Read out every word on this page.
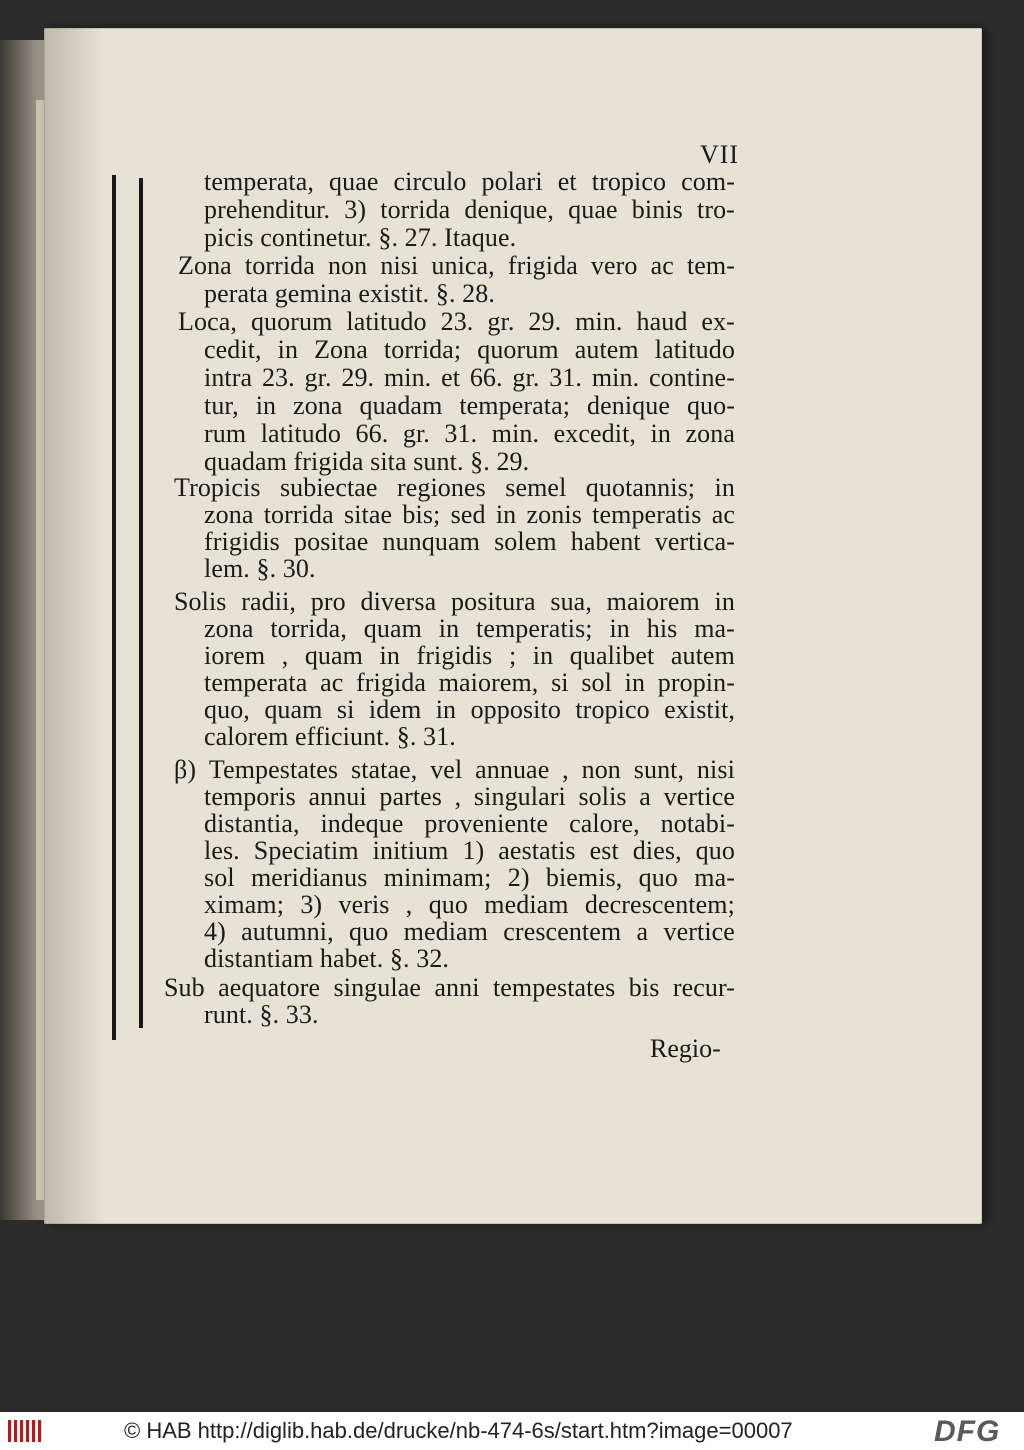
VII
temperata, quae circulo polari et tropico com-
prehenditur. 3) torrida denique, quae binis tro-
picis continetur. §. 27. Itaque.
Zona torrida non nisi unica, frigida vero ac tem-
perata gemina existit. §. 28.
Loca, quorum latitudo 23. gr. 29. min. haud ex-
cedit, in Zona torrida; quorum autem latitudo
intra 23. gr. 29. min. et 66. gr. 31. min. contine-
tur, in zona quadam temperata; denique quo-
rum latitudo 66. gr. 31. min. excedit, in zona
quadam frigida sita sunt. §. 29.
Tropicis subiectae regiones semel quotannis; in
zona torrida sitae bis; sed in zonis temperatis ac
frigidis positae nunquam solem habent vertica-
lem. §. 30.
Solis radii, pro diversa positura sua, maiorem in
zona torrida, quam in temperatis; in his ma-
iorem , quam in frigidis ; in qualibet autem
temperata ac frigida maiorem, si sol in propin-
quo, quam si idem in opposito tropico existit,
calorem efficiunt. §. 31.
β) Tempestates statae, vel annuae , non sunt, nisi
temporis annui partes , singulari solis a vertice
distantia, indeque proveniente calore, notabi-
les. Speciatim initium 1) aestatis est dies, quo
sol meridianus minimam; 2) biemis, quo ma-
ximam; 3) veris , quo mediam decrescentem;
4) autumni, quo mediam crescentem a vertice
distantiam habet. §. 32.
Sub aequatore singulae anni tempestates bis recur-
runt. §. 33.
Regio-
© HAB http://diglib.hab.de/drucke/nb-474-6s/start.htm?image=00007	DFG
